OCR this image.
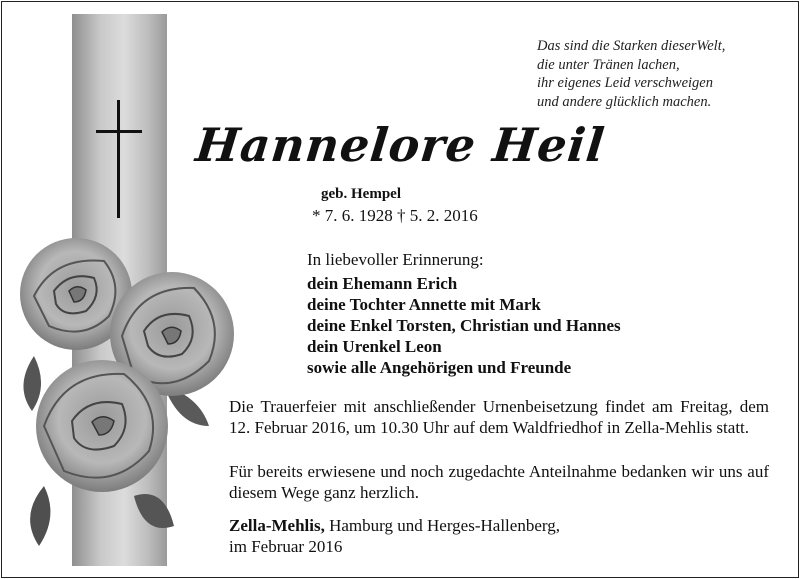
Das sind die Starken dieserWelt,
die unter Tränen lachen,
ihr eigenes Leid verschweigen
und andere glücklich machen.
Hannelore Heil
geb. Hempel
* 7. 6. 1928 † 5. 2. 2016
In liebevoller Erinnerung:
dein Ehemann Erich
deine Tochter Annette mit Mark
deine Enkel Torsten, Christian und Hannes
dein Urenkel Leon
sowie alle Angehörigen und Freunde
Die Trauerfeier mit anschließender Urnenbeisetzung findet am Freitag, dem 12. Februar 2016, um 10.30 Uhr auf dem Waldfriedhof in Zella-Mehlis statt.
Für bereits erwiesene und noch zugedachte Anteilnahme bedanken wir uns auf diesem Wege ganz herzlich.
Zella-Mehlis, Hamburg und Herges-Hallenberg,
im Februar 2016
